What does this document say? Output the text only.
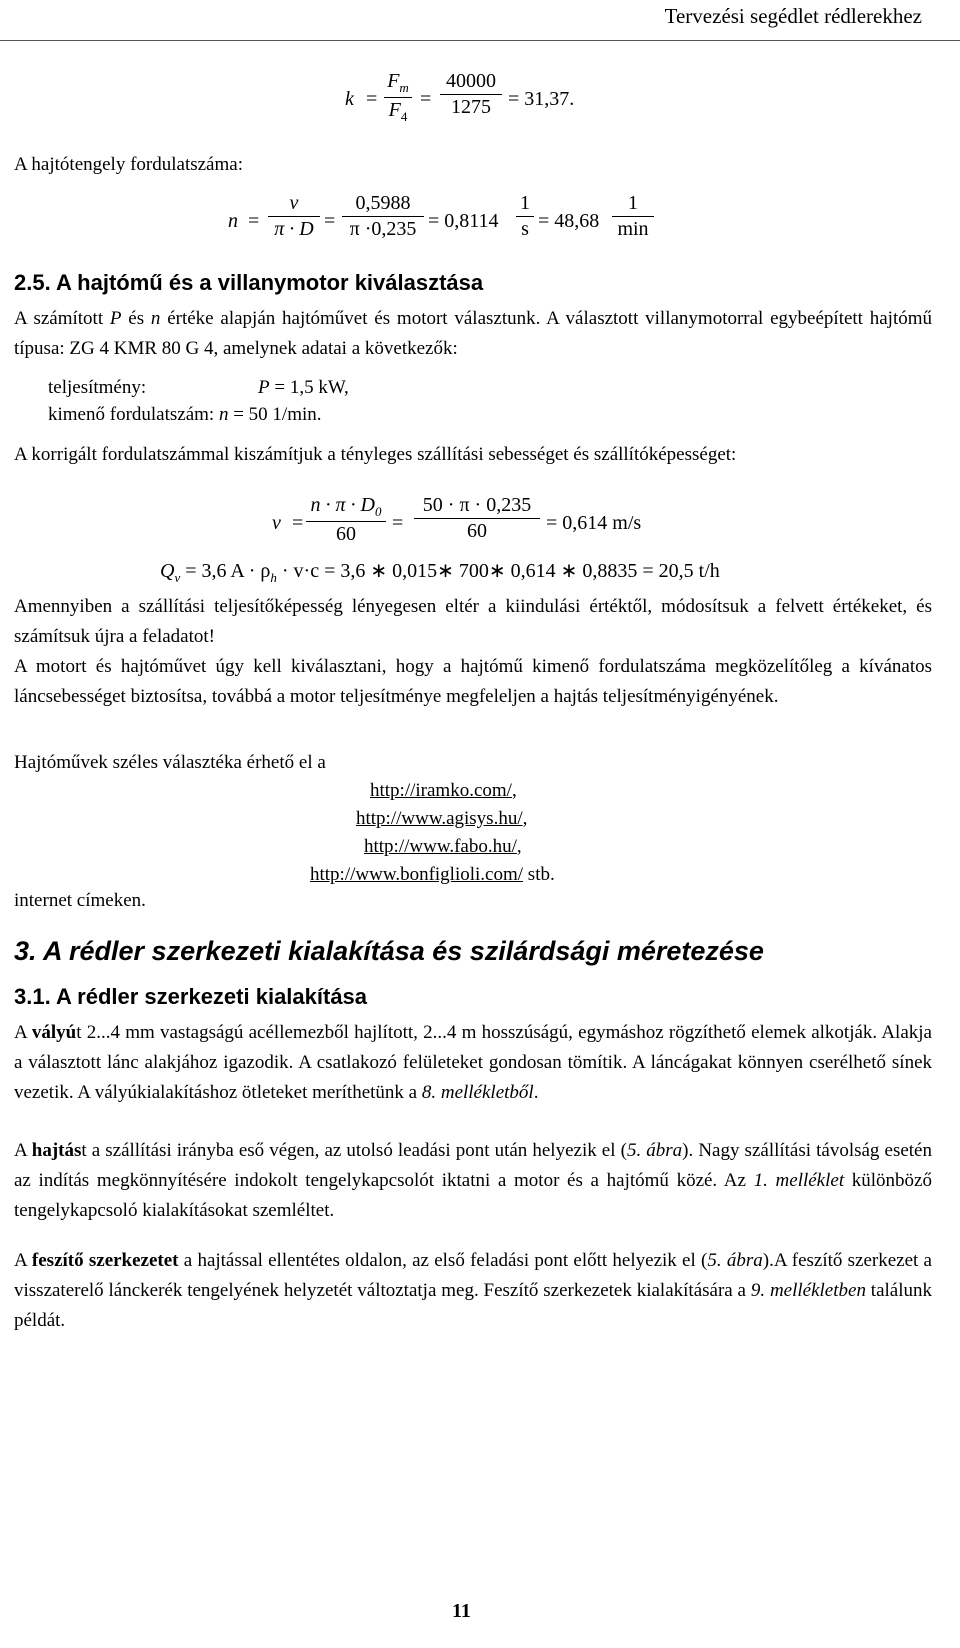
Tervezési segédlet rédlerekhez
k =
$F_m$
$F_4$
=
40000
1275 = 31,37.
A hajtótengely fordulatszáma:
n =
v
π · D =
0,5988
π ·0,235 = 0,8114
1
s = 48,68
1
min
2.5. A hajtómű és a villanymotor kiválasztása
A számított P és n értéke alapján hajtóművet és motort választunk. A választott villanymotorral egybeépített hajtómű típusa: ZG 4 KMR 80 G 4, amelynek adatai a következők:
teljesítmény:	P = 1,5 kW,
kimenő fordulatszám: n = 50 1/min.
A korrigált fordulatszámmal kiszámítjuk a tényleges szállítási sebességet és szállítóképességet:
v =
$n \cdot \pi \cdot D_0$
60	=
50 · π · 0,235
60	= 0,614 m/s
$Q_v = 3,6$ $A \cdot \rho_h \cdot v\cdot c = 3,6$ ∗ 0,015∗ 700∗ 0,614 ∗ 0,8835 = 20,5 t/h
Amennyiben a szállítási teljesítőképesség lényegesen eltér a kiindulási értéktől, módosítsuk a felvett értékeket, és számítsuk újra a feladatot!
A motort és hajtóművet úgy kell kiválasztani, hogy a hajtómű kimenő fordulatszáma megközelítőleg a kívánatos láncsebességet biztosítsa, továbbá a motor teljesítménye megfeleljen a hajtás teljesítményigényének.
Hajtóművek széles választéka érhető el a
http://iramko.com/,
http://www.agisys.hu/,
http://www.fabo.hu/,
http://www.bonfiglioli.com/ stb.
internet címeken.
3. A rédler szerkezeti kialakítása és szilárdsági méretezése
3.1. A rédler szerkezeti kialakítása
A vályút 2...4 mm vastagságú acéllemezből hajlított, 2...4 m hosszúságú, egymáshoz rögzíthető elemek alkotják. Alakja a választott lánc alakjához igazodik. A csatlakozó felületeket gondosan tömítik. A láncágakat könnyen cserélhető sínek vezetik. A vályúkialakításhoz ötleteket meríthetünk a 8. mellékletből.
A hajtást a szállítási irányba eső végen, az utolsó leadási pont után helyezik el (5. ábra). Nagy szállítási távolság esetén az indítás megkönnyítésére indokolt tengelykapcsolót iktatni a motor és a hajtómű közé. Az 1. melléklet különböző tengelykapcsoló kialakításokat szemléltet.
A feszítő szerkezetet a hajtással ellentétes oldalon, az első feladási pont előtt helyezik el (5. ábra).A feszítő szerkezet a visszaterelő lánckerék tengelyének helyzetét változtatja meg. Feszítő szerkezetek kialakítására a 9. mellékletben találunk példát.
11
